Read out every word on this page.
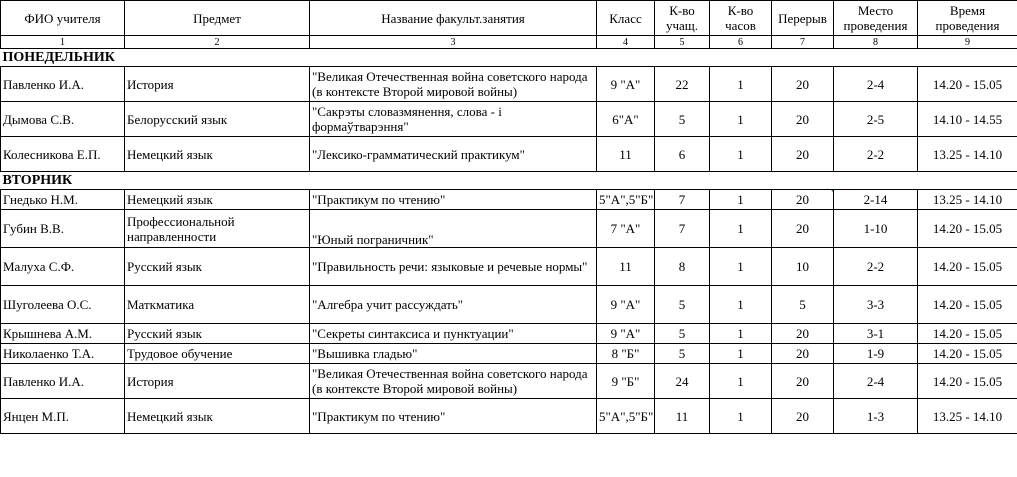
ФИО учителя	Предмет	Название факульт.занятия	Класс	К-во учащ.	К-во часов	Перерыв	Место проведения	Время проведения
1	2	3	4	5	6	7	8	9
ПОНЕДЕЛЬНИК								
Павленко И.А.	История	"Великая Отечественная война советского народа (в контексте Второй мировой войны)	9 "А"	22	1	20	2-4	14.20 - 15.05
Дымова С.В.	Белорусский язык	"Сакрэты словазмянення, слова - і формаўтварэння"	6"А"	5	1	20	2-5	14.10 - 14.55
Колесникова Е.П.	Немецкий язык	"Лексико-грамматический практикум"	11	6	1	20	2-2	13.25 - 14.10
ВТОРНИК								
Гнедько Н.М.	Немецкий язык	"Практикум по чтению"	5"А",5"Б"	7	1	20	2-14	13.25 - 14.10
Губин В.В.	Профессиональной направленности	"Юный пограничник"	7 "А"	7	1	20	1-10	14.20 - 15.05
Малуха С.Ф.	Русский язык	"Правильность речи: языковые и речевые нормы"	11	8	1	10	2-2	14.20 - 15.05
Шуголеева О.С.	Маткматика	"Алгебра учит рассуждать"	9 "А"	5	1	5	3-3	14.20 - 15.05
Крышнева А.М.	Русский язык	"Секреты синтаксиса и пунктуации"	9 "А"	5	1	20	3-1	14.20 - 15.05
Николаенко Т.А.	Трудовое обучение	"Вышивка гладью"	8 "Б"	5	1	20	1-9	14.20 - 15.05
Павленко И.А.	История	"Великая Отечественная война советского народа (в контексте Второй мировой войны)	9 "Б"	24	1	20	2-4	14.20 - 15.05
Янцен М.П.	Немецкий язык	"Практикум по чтению"	5"А",5"Б"	11	1	20	1-3	13.25 - 14.10
